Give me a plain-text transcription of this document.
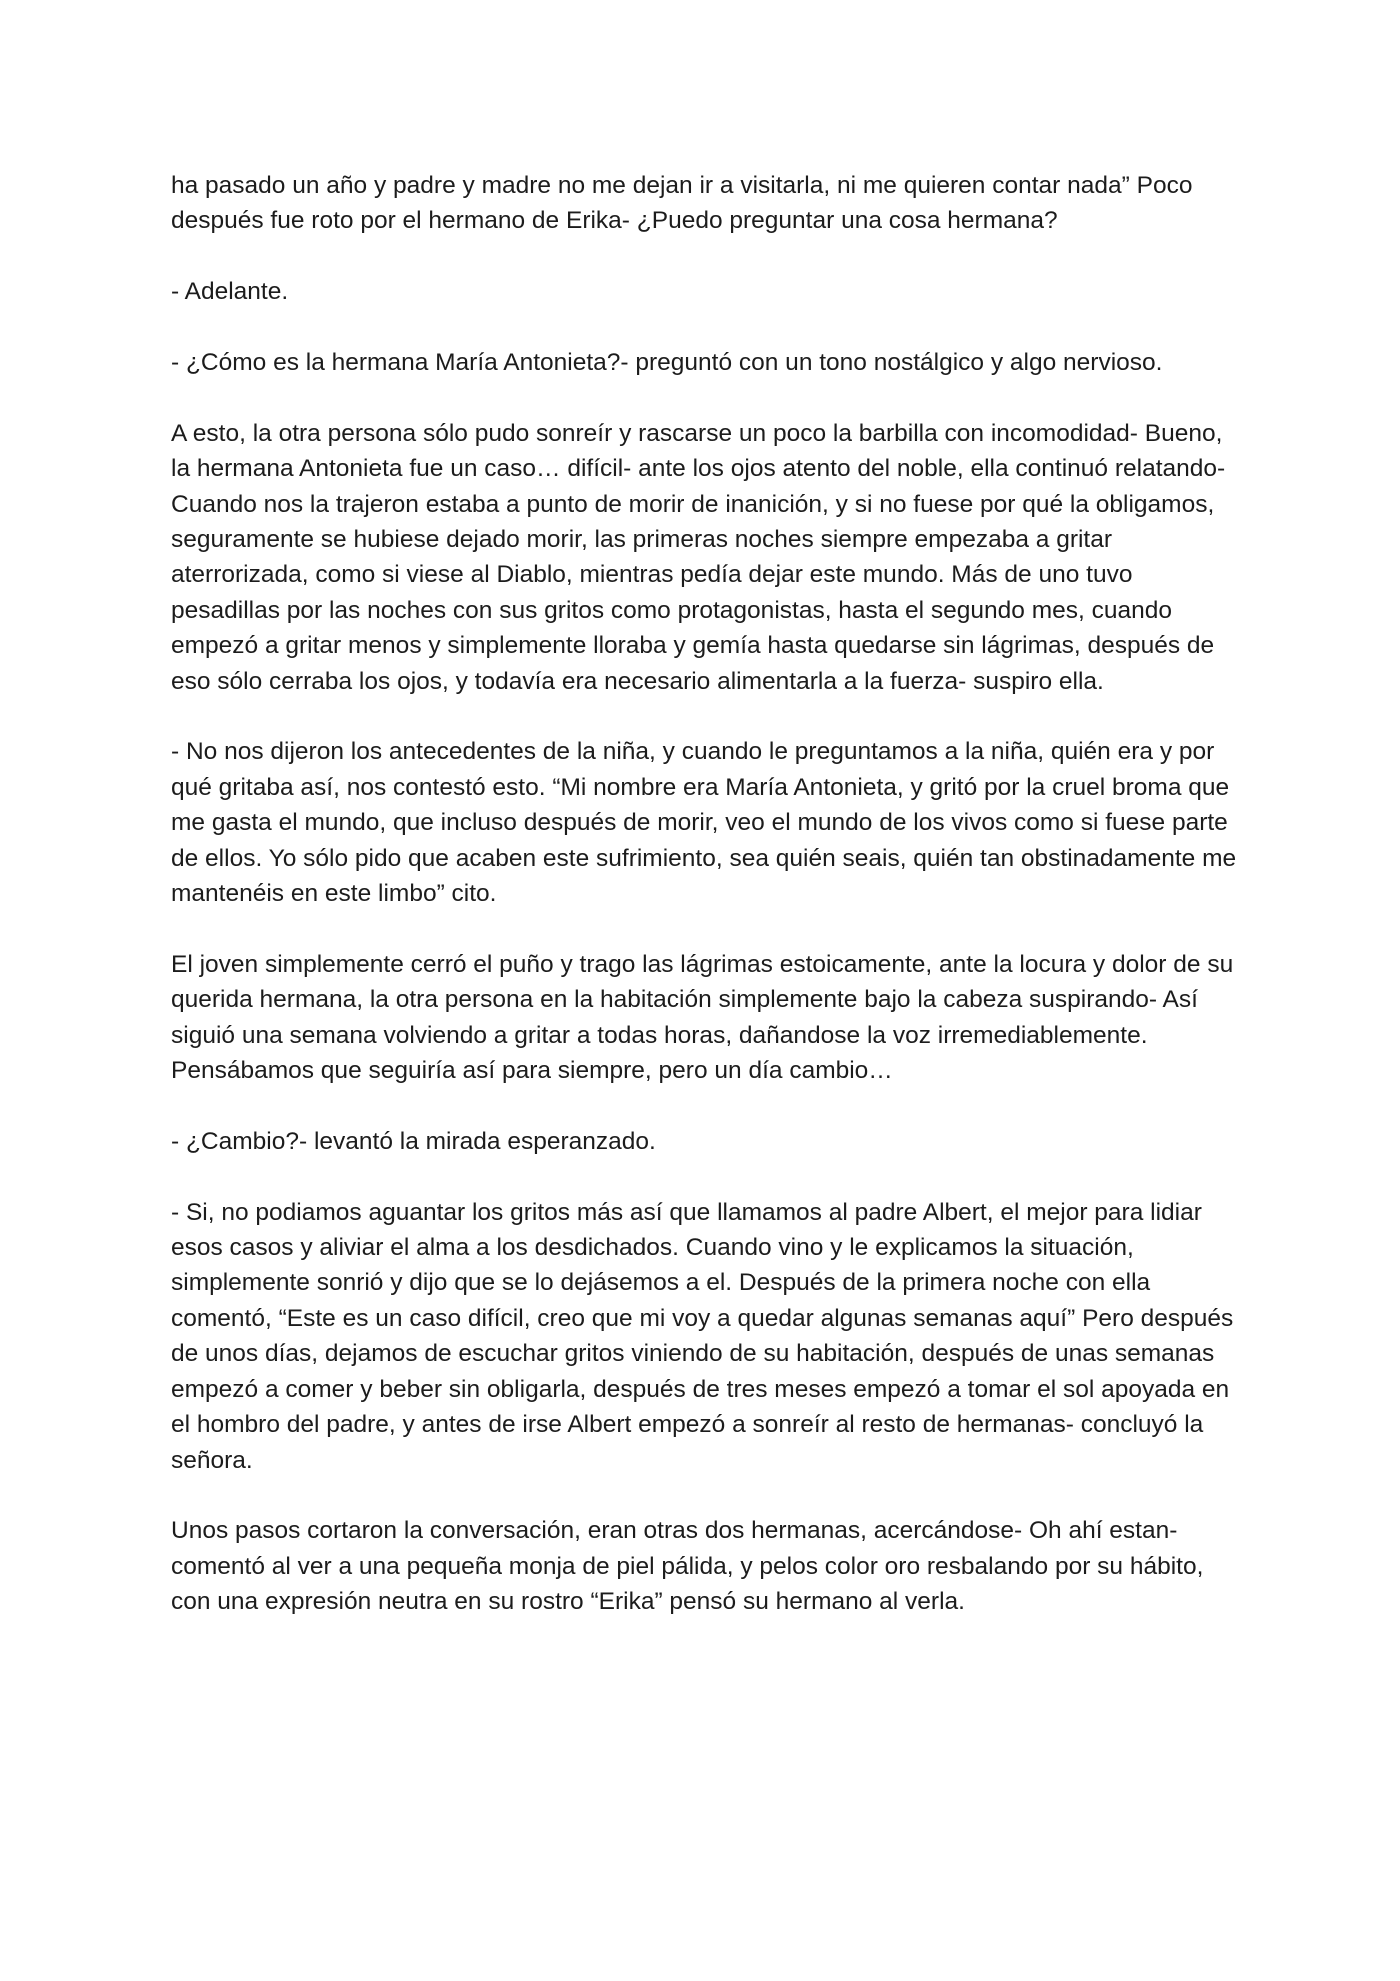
ha pasado un año y padre y madre no me dejan ir a visitarla, ni me quieren contar nada” Poco después fue roto por el hermano de Erika- ¿Puedo preguntar una cosa hermana?

- Adelante.

- ¿Cómo es la hermana María Antonieta?- preguntó con un tono nostálgico y algo nervioso.

A esto, la otra persona sólo pudo sonreír y rascarse un poco la barbilla con incomodidad- Bueno, la hermana Antonieta fue un caso… difícil- ante los ojos atento del noble, ella continuó relatando- Cuando nos la trajeron estaba a punto de morir de inanición, y si no fuese por qué la obligamos, seguramente se hubiese dejado morir, las primeras noches siempre empezaba a gritar aterrorizada, como si viese al Diablo, mientras pedía dejar este mundo. Más de uno tuvo pesadillas por las noches con sus gritos como protagonistas, hasta el segundo mes, cuando empezó a gritar menos y simplemente lloraba y gemía hasta quedarse sin lágrimas, después de eso sólo cerraba los ojos, y todavía era necesario alimentarla a la fuerza- suspiro ella.

- No nos dijeron los antecedentes de la niña, y cuando le preguntamos a la niña, quién era y por qué gritaba así, nos contestó esto. “Mi nombre era María Antonieta, y gritó por la cruel broma que me gasta el mundo, que incluso después de morir, veo el mundo de los vivos como si fuese parte de ellos. Yo sólo pido que acaben este sufrimiento, sea quién seais, quién tan obstinadamente me mantenéis en este limbo” cito.

El joven simplemente cerró el puño y trago las lágrimas estoicamente, ante la locura y dolor de su querida hermana, la otra persona en la habitación simplemente bajo la cabeza suspirando- Así siguió una semana volviendo a gritar a todas horas, dañandose la voz irremediablemente. Pensábamos que seguiría así para siempre, pero un día cambio…

- ¿Cambio?- levantó la mirada esperanzado.

- Si, no podiamos aguantar los gritos más así que llamamos al padre Albert, el mejor para lidiar esos casos y aliviar el alma a los desdichados. Cuando vino y le explicamos la situación, simplemente sonrió y dijo que se lo dejásemos a el. Después de la primera noche con ella comentó, “Este es un caso difícil, creo que mi voy a quedar algunas semanas aquí” Pero después de unos días, dejamos de escuchar gritos viniendo de su habitación, después de unas semanas empezó a comer y beber sin obligarla, después de tres meses empezó a tomar el sol apoyada en el hombro del padre, y antes de irse Albert empezó a sonreír al resto de hermanas- concluyó la señora.

Unos pasos cortaron la conversación, eran otras dos hermanas, acercándose- Oh ahí estan- comentó al ver a una pequeña monja de piel pálida, y pelos color oro resbalando por su hábito, con una expresión neutra en su rostro “Erika” pensó su hermano al verla.
